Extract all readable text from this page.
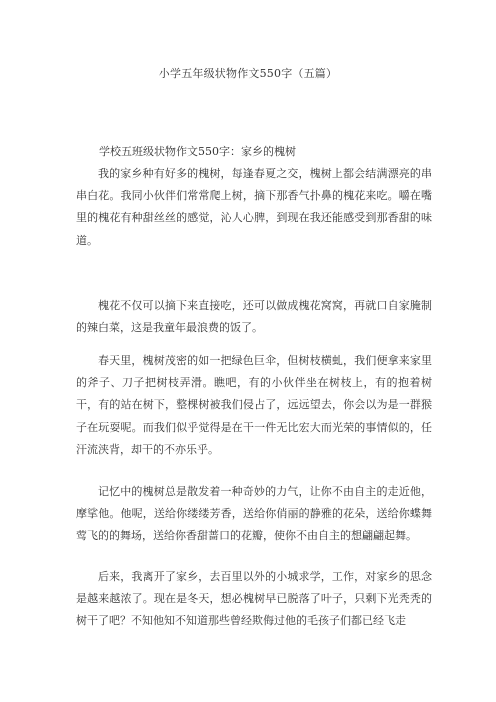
小学五年级状物作文550字（五篇）
学校五班级状物作文550字：家乡的槐树

我的家乡种有好多的槐树，每逢春夏之交，槐树上都会结满漂亮的串串白花。我同小伙伴们常常爬上树，摘下那香气扑鼻的槐花来吃。嚼在嘴里的槐花有种甜丝丝的感觉，沁人心脾，到现在我还能感受到那香甜的味道。

槐花不仅可以摘下来直接吃，还可以做成槐花窝窝，再就口自家腌制的辣白菜，这是我童年最浪费的饭了。

春天里，槐树茂密的如一把绿色巨伞，但树枝横虬，我们便拿来家里的斧子、刀子把树枝弄滑。瞧吧，有的小伙伴坐在树枝上，有的抱着树干，有的站在树下，整棵树被我们侵占了，远远望去，你会以为是一群猴子在玩耍呢。而我们似乎觉得是在干一件无比宏大而光荣的事情似的，任汗流浃背，却干的不亦乐乎。

记忆中的槐树总是散发着一种奇妙的力气，让你不由自主的走近他，摩挲他。他呢，送给你缕缕芳香，送给你俏丽的静雅的花朵，送给你蝶舞莺飞的的舞场，送给你香甜蔷口的花瓣，使你不由自主的想翩翩起舞。

后来，我离开了家乡，去百里以外的小城求学，工作，对家乡的思念是越来越浓了。现在是冬天，想必槐树早已脱落了叶子，只剩下光秃秃的树干了吧？不知他知不知道那些曾经欺侮过他的毛孩子们都已经飞走
